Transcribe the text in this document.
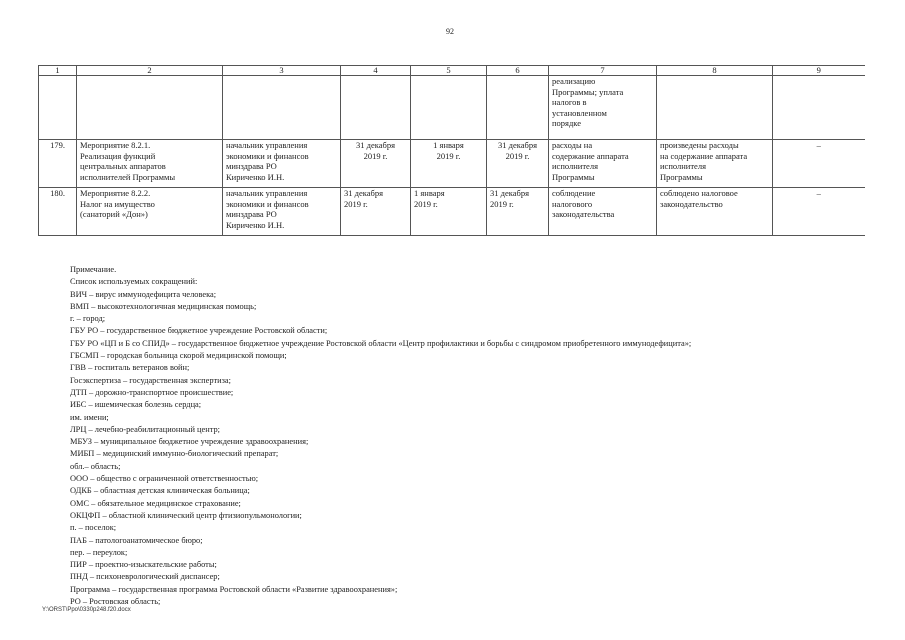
92
1	2	3	4	5	6	7	8	9
						реализацию
Программы; уплата
налогов в
установленном
порядке		
179.	Мероприятие 8.2.1.
Реализация функций
центральных аппаратов
исполнителей Программы	начальник управления
экономики и финансов
минздрава РО
Кириченко И.Н.	31 декабря
2019 г.	1 января
2019 г.	31 декабря
2019 г.	расходы на
содержание аппарата
исполнителя
Программы	произведены расходы
на содержание аппарата
исполнителя
Программы	–
180.	Мероприятие 8.2.2.
Налог на имущество
(санаторий «Дон»)	начальник управления
экономики и финансов
минздрава РО
Кириченко И.Н.	31 декабря
2019 г.	1 января
2019 г.	31 декабря
2019 г.	соблюдение
налогового
законодательства	соблюдено налоговое
законодательство	–
Примечание.
Список используемых сокращений:
ВИЧ – вирус иммунодефицита человека;
ВМП – высокотехнологичная медицинская помощь;
г. – город;
ГБУ РО – государственное бюджетное учреждение Ростовской области;
ГБУ РО «ЦП и Б со СПИД» – государственное бюджетное учреждение Ростовской области «Центр профилактики и борьбы с синдромом приобретенного иммунодефицита»;
ГБСМП – городская больница скорой медицинской помощи;
ГВВ – госпиталь ветеранов войн;
Госэкспертиза – государственная экспертиза;
ДТП – дорожно-транспортное происшествие;
ИБС – ишемическая болезнь сердца;
им. имени;
ЛРЦ – лечебно-реабилитационный центр;
МБУЗ – муниципальное бюджетное учреждение здравоохранения;
МИБП – медицинский иммунно-биологический препарат;
обл.– область;
ООО – общество с ограниченной ответственностью;
ОДКБ – областная детская клиническая больница;
ОМС – обязательное медицинское страхование;
ОКЦФП – областной клинический центр фтизиопульмонологии;
п. – поселок;
ПАБ – патологоанатомическое бюро;
пер. – переулок;
ПИР – проектно-изыскательские работы;
ПНД – психоневрологический диспансер;
Программа – государственная программа Ростовской области «Развитие здравоохранения»;
РО – Ростовская область;
Y:\ORST\Ppo\0330p248.f20.docx
